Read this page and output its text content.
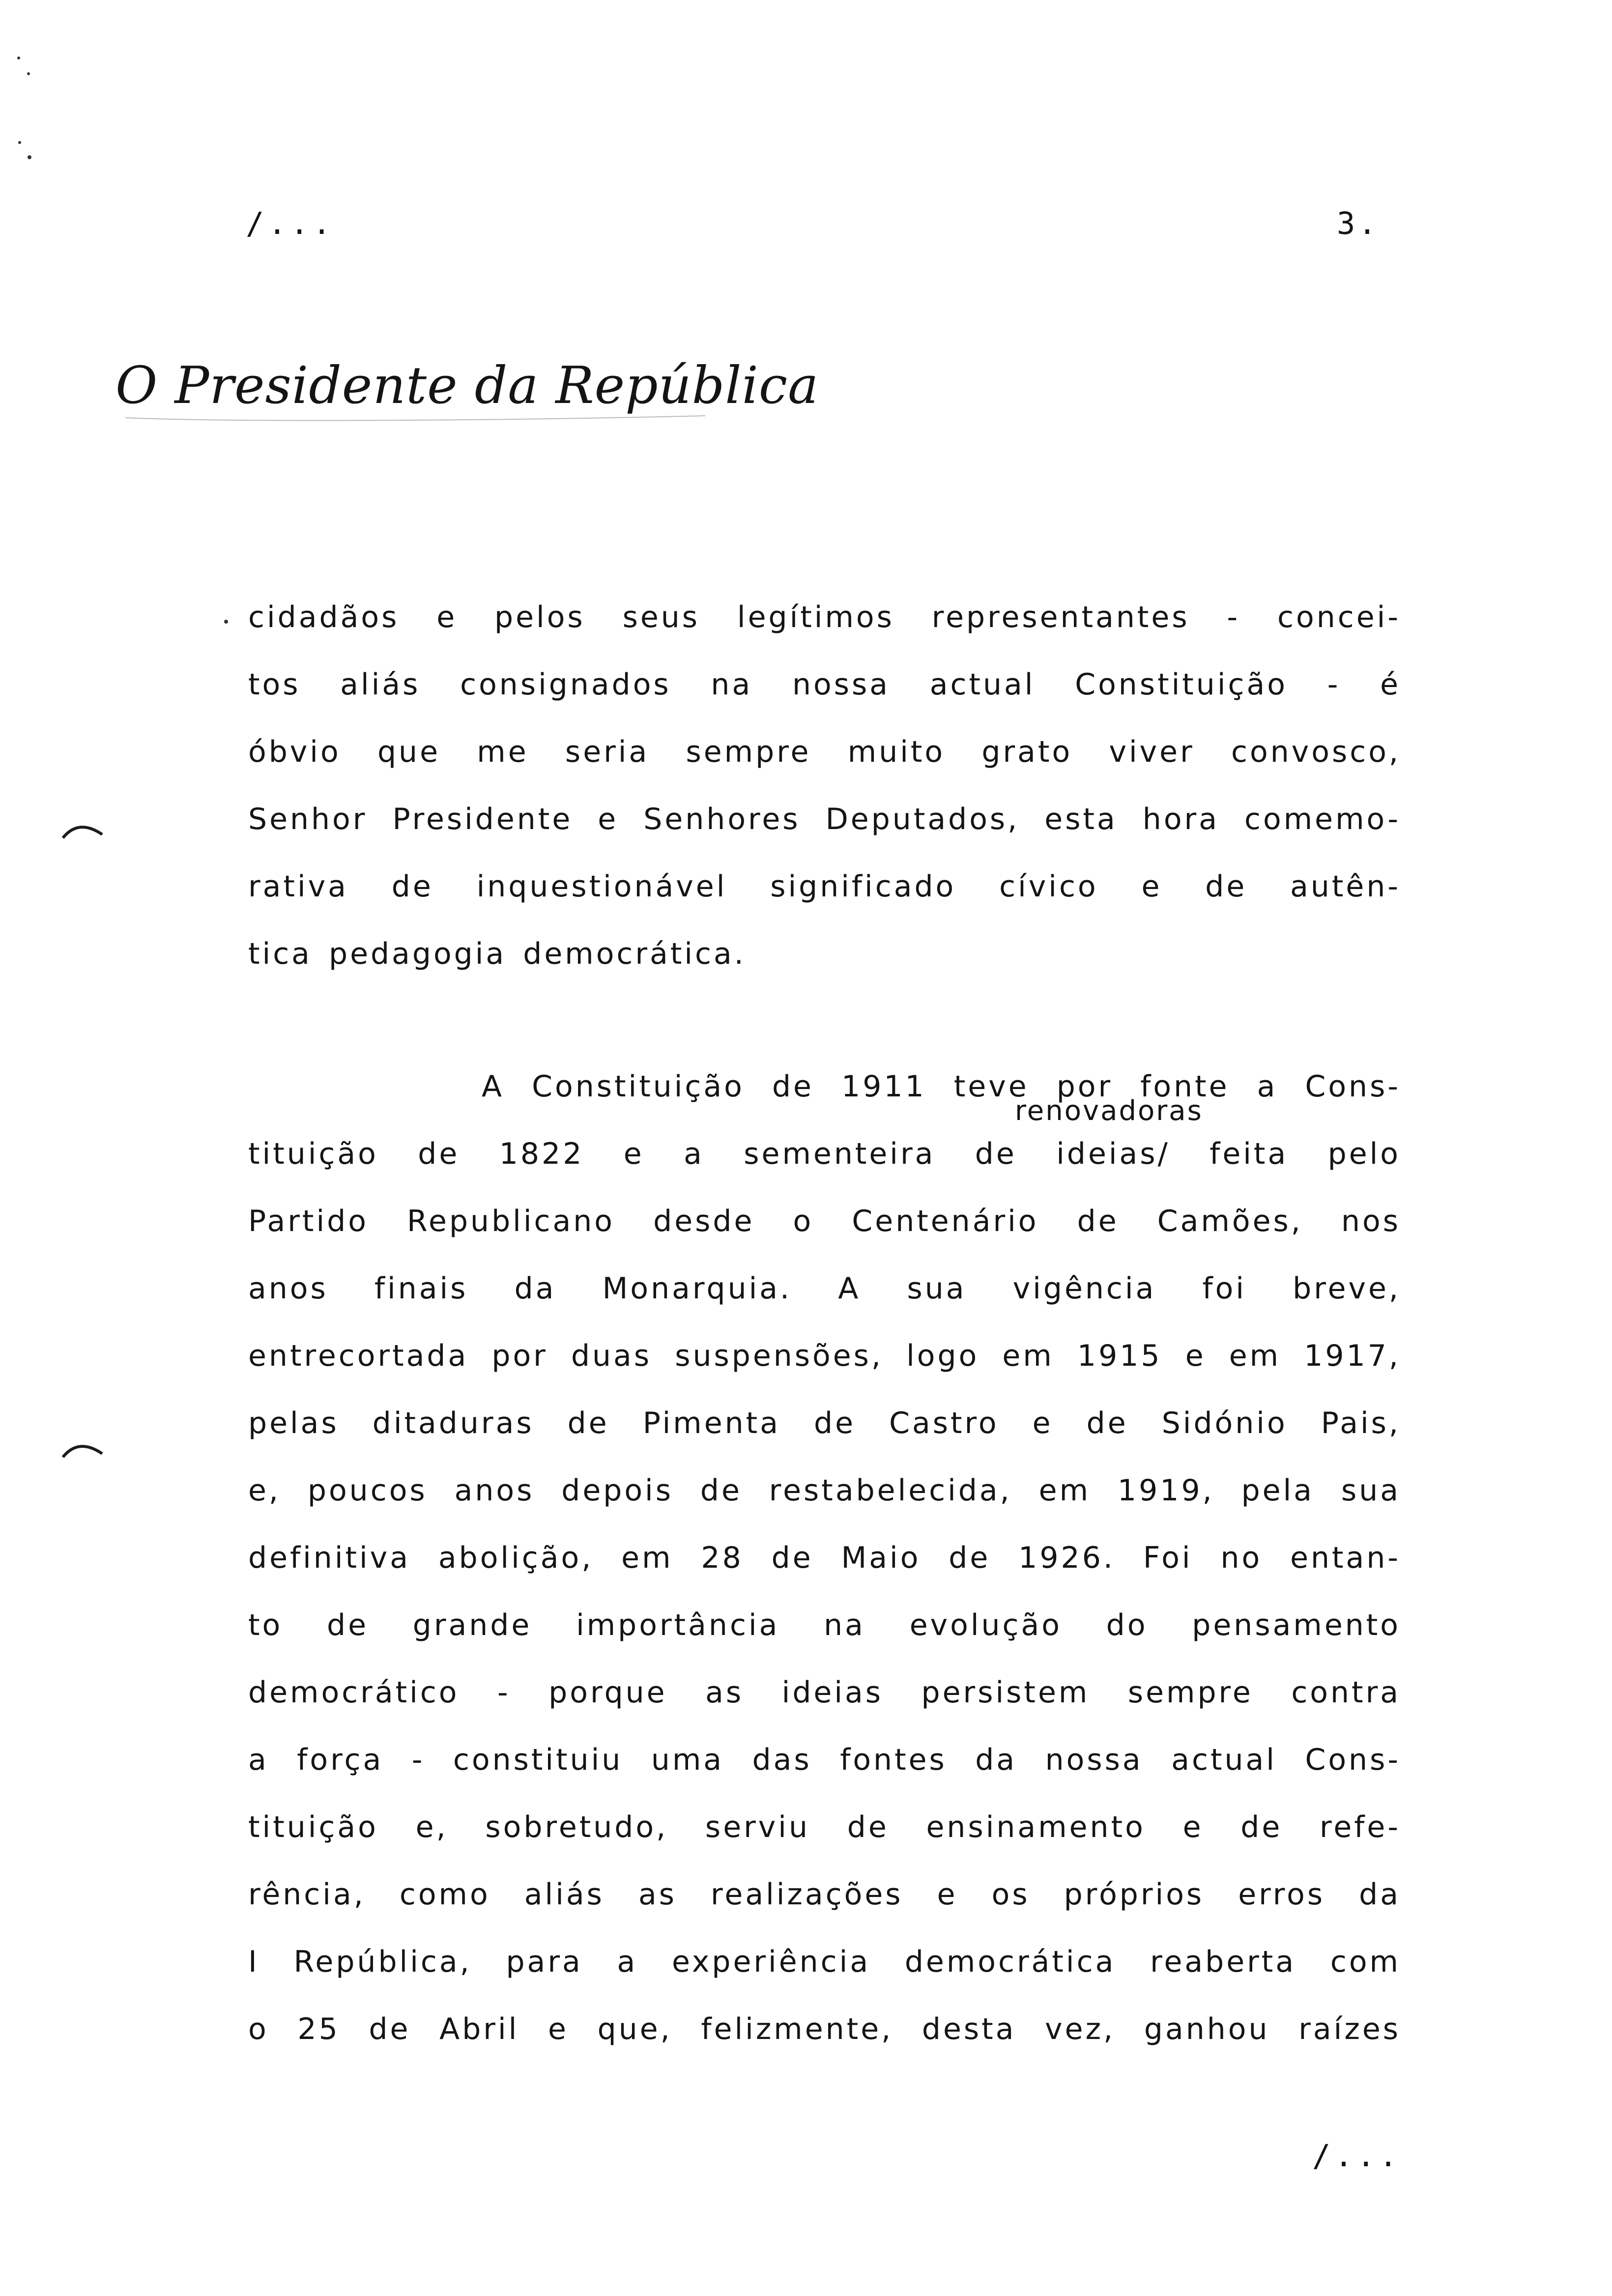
/...	3.
O Presidente da República
renovadoras
cidadãos e pelos seus legítimos representantes - concei-
tos aliás consignados na nossa actual Constituição - é
óbvio que me seria sempre muito grato viver convosco,
Senhor Presidente e Senhores Deputados, esta hora comemo-
rativa de inquestionável significado cívico e de autên-
tica pedagogia democrática.
A Constituição de 1911 teve por fonte a Cons-
tituição de 1822 e a sementeira de ideias/ feita pelo
Partido Republicano desde o Centenário de Camões, nos
anos finais da Monarquia. A sua vigência foi breve,
entrecortada por duas suspensões, logo em 1915 e em 1917,
pelas ditaduras de Pimenta de Castro e de Sidónio Pais,
e, poucos anos depois de restabelecida, em 1919, pela sua
definitiva abolição, em 28 de Maio de 1926. Foi no entan-
to de grande importância na evolução do pensamento
democrático - porque as ideias persistem sempre contra
a força - constituiu uma das fontes da nossa actual Cons-
tituição e, sobretudo, serviu de ensinamento e de refe-
rência, como aliás as realizações e os próprios erros da
I República, para a experiência democrática reaberta com
o 25 de Abril e que, felizmente, desta vez, ganhou raízes
/...
